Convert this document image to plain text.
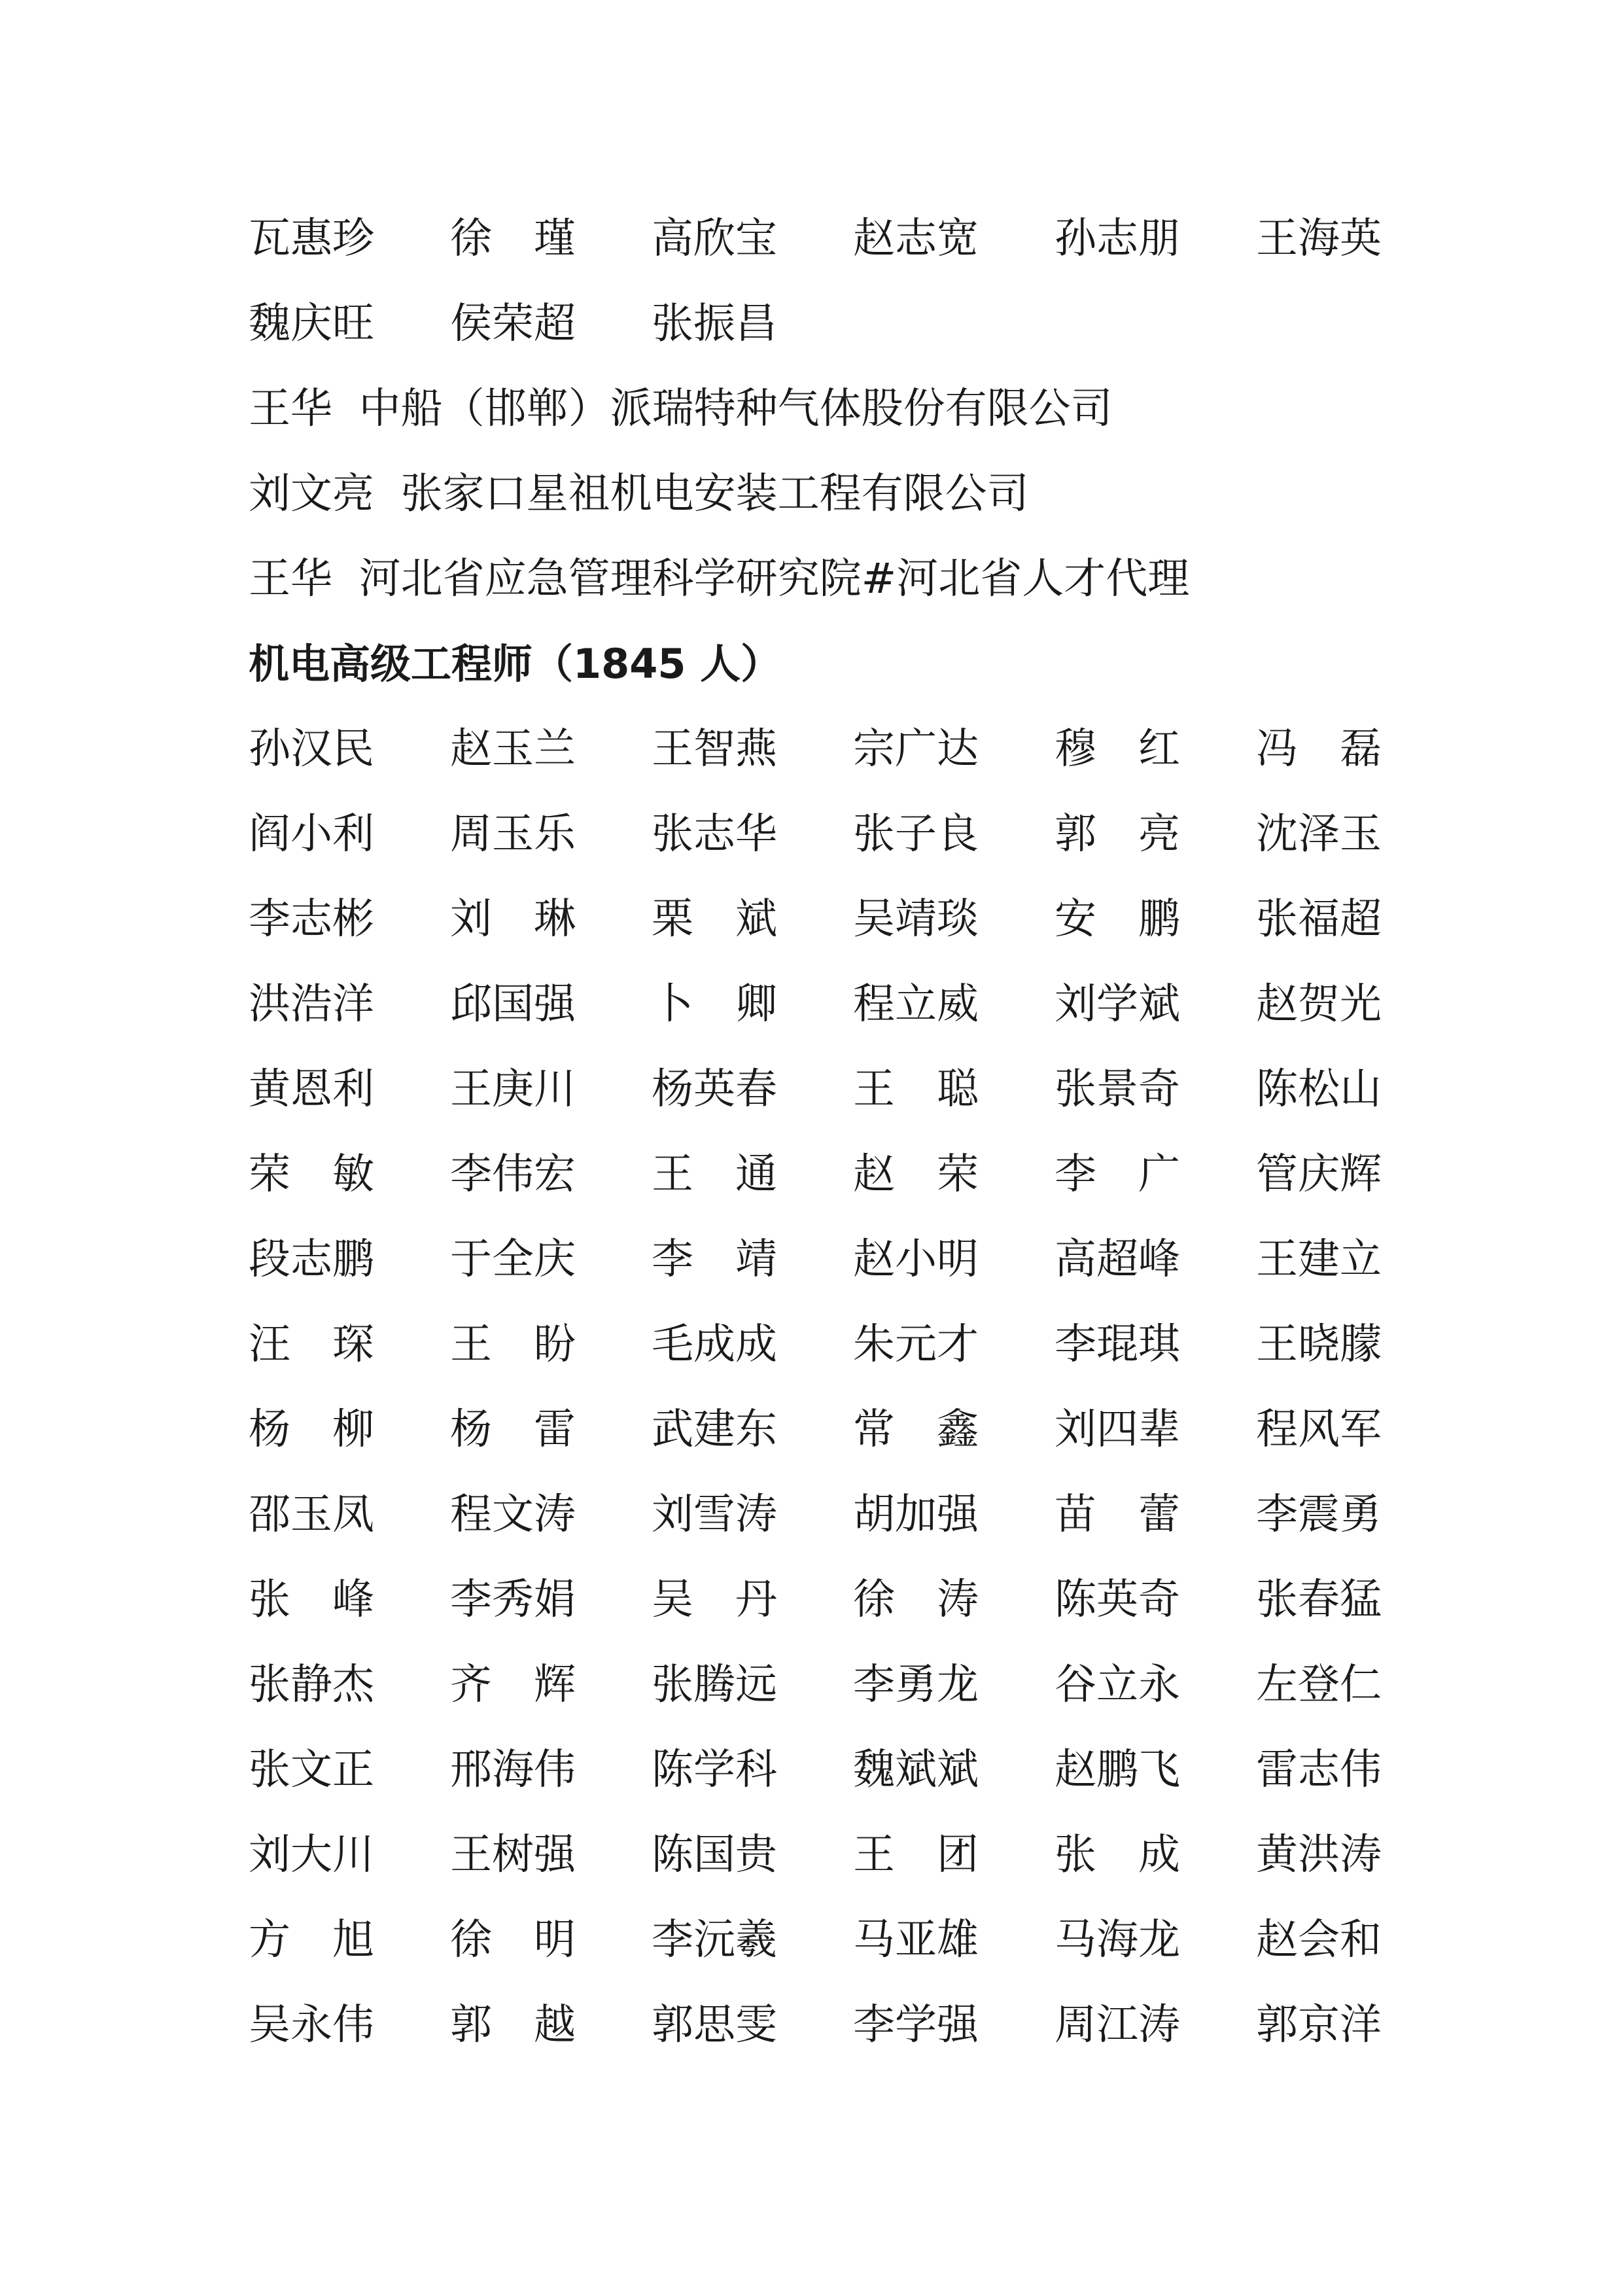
瓦惠珍	徐　瑾	高欣宝	赵志宽	孙志朋	王海英
魏庆旺	侯荣超	张振昌
王华  中船（邯郸）派瑞特种气体股份有限公司
刘文亮  张家口星祖机电安装工程有限公司
王华  河北省应急管理科学研究院#河北省人才代理
机电高级工程师（1845 人）
孙汉民	赵玉兰	王智燕	宗广达	穆　红	冯　磊
阎小利	周玉乐	张志华	张子良	郭　亮	沈泽玉
李志彬	刘　琳	栗　斌	吴靖琰	安　鹏	张福超
洪浩洋	邱国强	卜　卿	程立威	刘学斌	赵贺光
黄恩利	王庚川	杨英春	王　聪	张景奇	陈松山
荣　敏	李伟宏	王　通	赵　荣	李　广	管庆辉
段志鹏	于全庆	李　靖	赵小明	高超峰	王建立
汪　琛	王　盼	毛成成	朱元才	李琨琪	王晓朦
杨　柳	杨　雷	武建东	常　鑫	刘四辈	程风军
邵玉凤	程文涛	刘雪涛	胡加强	苗　蕾	李震勇
张　峰	李秀娟	吴　丹	徐　涛	陈英奇	张春猛
张静杰	齐　辉	张腾远	李勇龙	谷立永	左登仁
张文正	邢海伟	陈学科	魏斌斌	赵鹏飞	雷志伟
刘大川	王树强	陈国贵	王　团	张　成	黄洪涛
方　旭	徐　明	李沅羲	马亚雄	马海龙	赵会和
吴永伟	郭　越	郭思雯	李学强	周江涛	郭京洋
